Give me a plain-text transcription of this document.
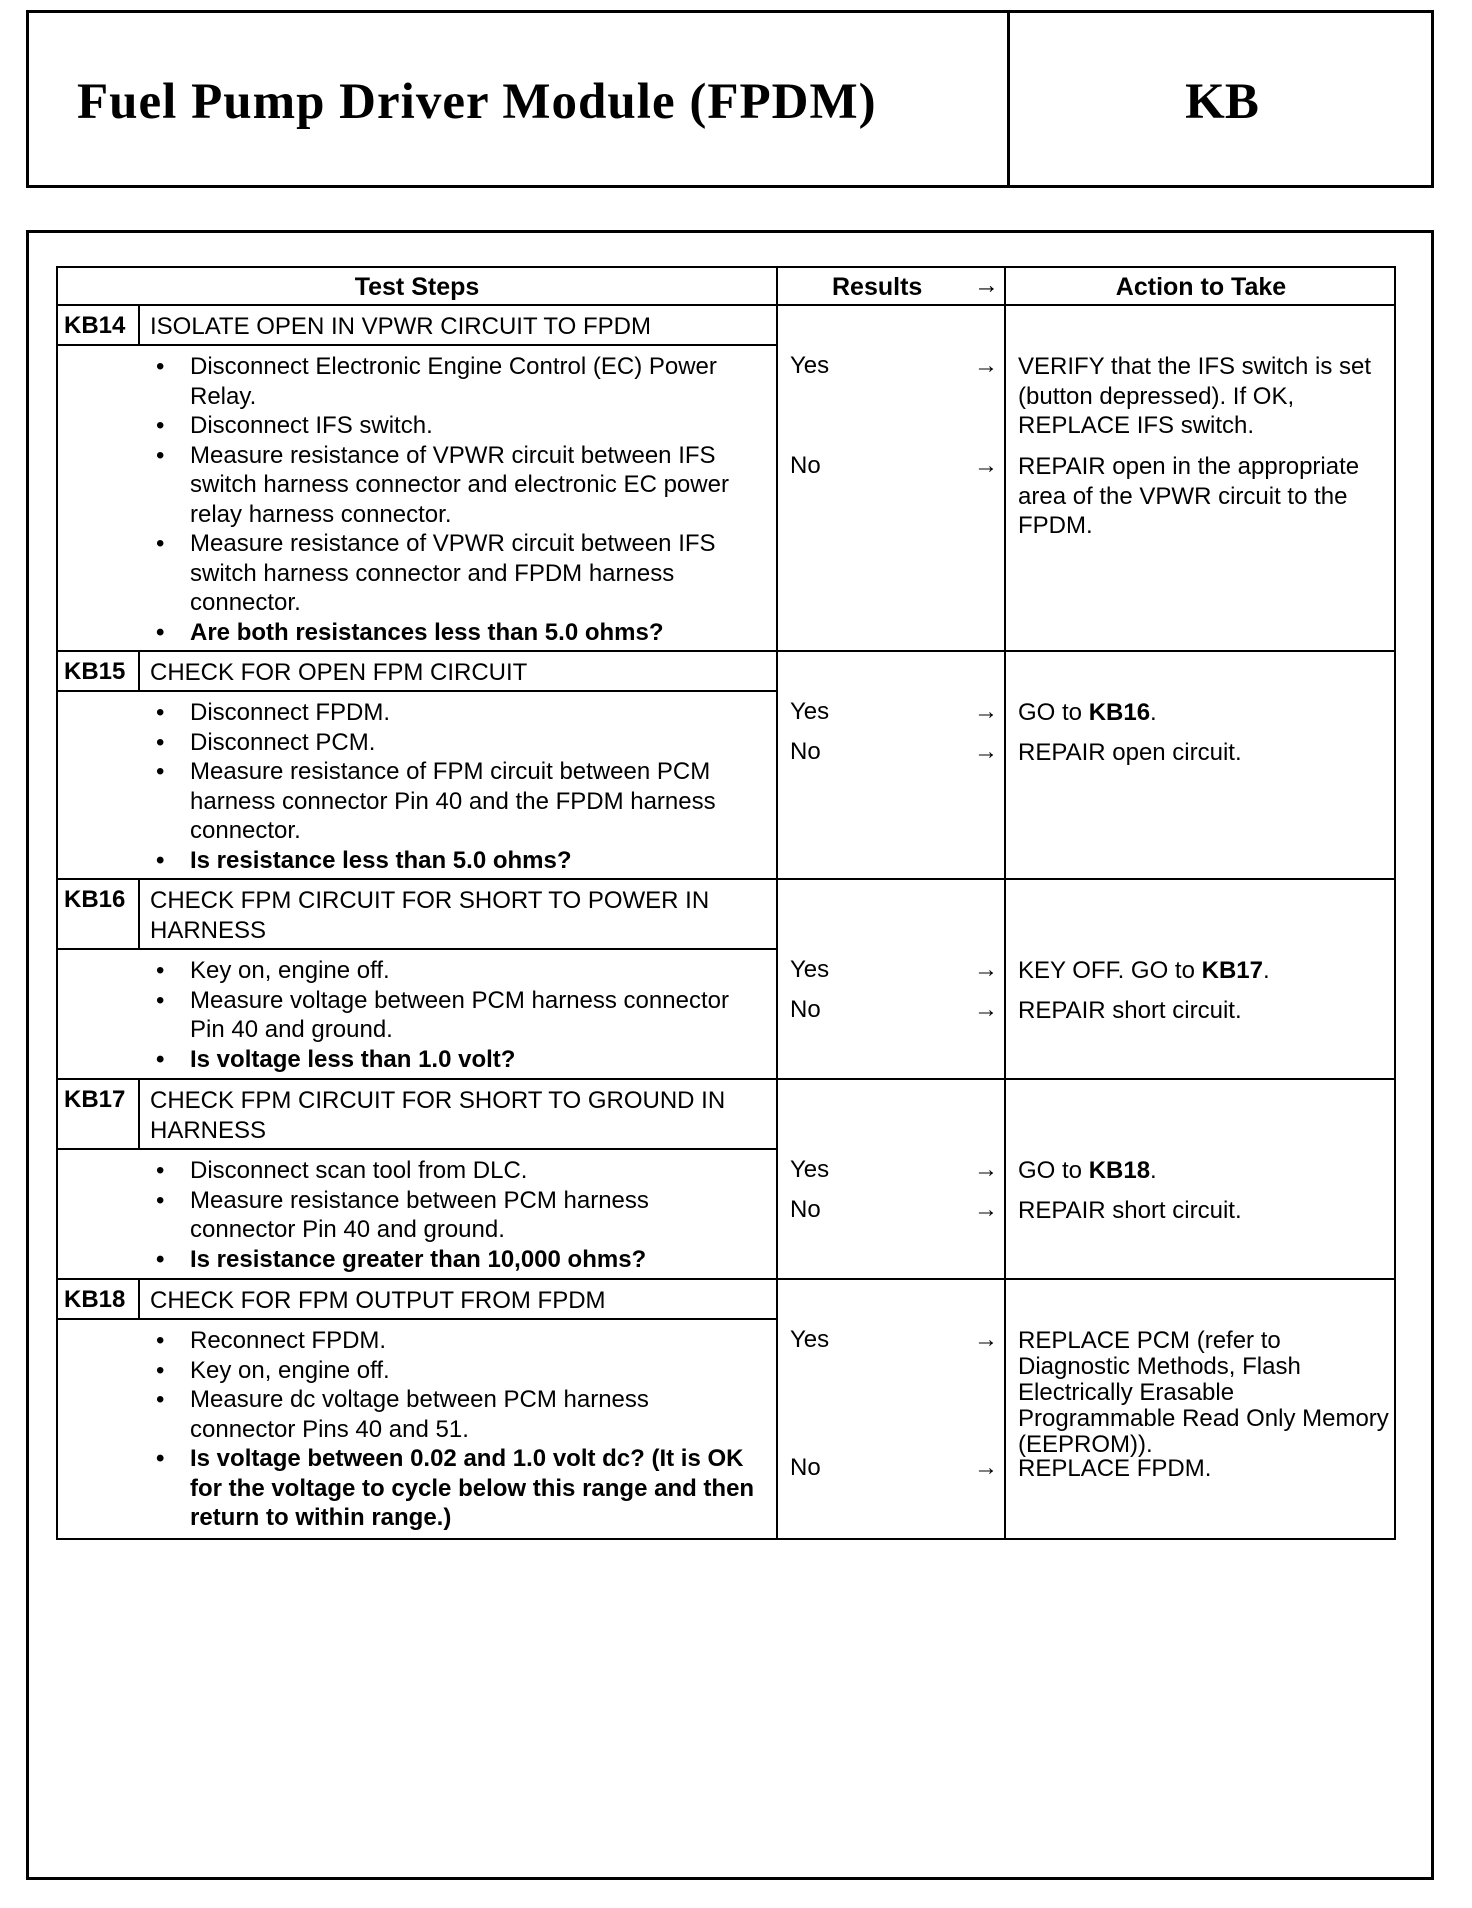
Fuel Pump Driver Module (FPDM)	KB
Test Steps	Results →	Action to Take
KB14	ISOLATE OPEN IN VPWR CIRCUIT TO FPDM
• Disconnect Electronic Engine Control (EC) Power Relay.
• Disconnect IFS switch.
• Measure resistance of VPWR circuit between IFS switch harness connector and electronic EC power relay harness connector.
• Measure resistance of VPWR circuit between IFS switch harness connector and FPDM harness connector.
• Are both resistances less than 5.0 ohms?
Yes	→ VERIFY that the IFS switch is set (button depressed). If OK, REPLACE IFS switch.
No	→ REPAIR open in the appropriate area of the VPWR circuit to the FPDM.
KB15	CHECK FOR OPEN FPM CIRCUIT
• Disconnect FPDM.
• Disconnect PCM.
• Measure resistance of FPM circuit between PCM harness connector Pin 40 and the FPDM harness connector.
• Is resistance less than 5.0 ohms?
Yes	→ GO to KB16.
No	→ REPAIR open circuit.
KB16	CHECK FPM CIRCUIT FOR SHORT TO POWER IN HARNESS
• Key on, engine off.
• Measure voltage between PCM harness connector Pin 40 and ground.
• Is voltage less than 1.0 volt?
Yes	→ KEY OFF. GO to KB17.
No	→ REPAIR short circuit.
KB17	CHECK FPM CIRCUIT FOR SHORT TO GROUND IN HARNESS
• Disconnect scan tool from DLC.
• Measure resistance between PCM harness connector Pin 40 and ground.
• Is resistance greater than 10,000 ohms?
Yes	→ GO to KB18.
No	→ REPAIR short circuit.
KB18	CHECK FOR FPM OUTPUT FROM FPDM
• Reconnect FPDM.
• Key on, engine off.
• Measure dc voltage between PCM harness connector Pins 40 and 51.
• Is voltage between 0.02 and 1.0 volt dc? (It is OK for the voltage to cycle below this range and then return to within range.)
Yes	→ REPLACE PCM (refer to Diagnostic Methods, Flash Electrically Erasable Programmable Read Only Memory (EEPROM)).
No	→ REPLACE FPDM.
